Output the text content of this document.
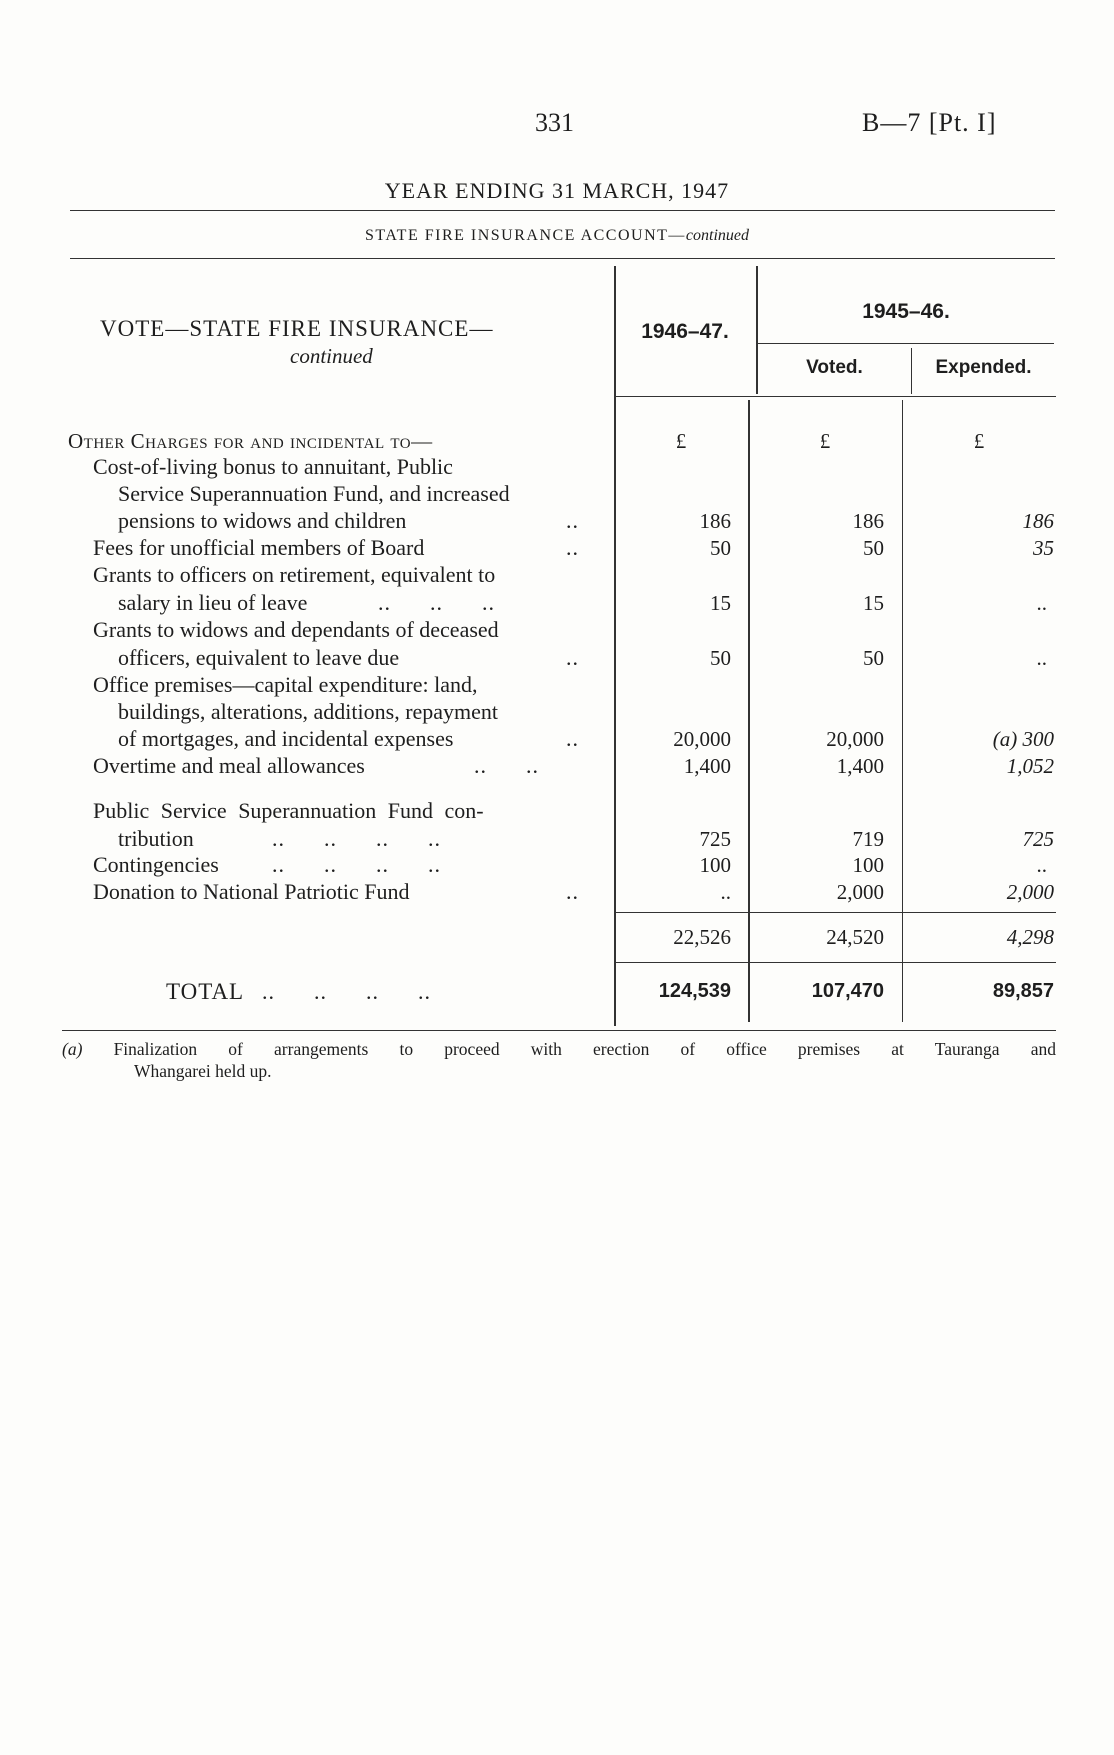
331	B—7 [Pt. I]
YEAR ENDING 31 MARCH, 1947
STATE FIRE INSURANCE ACCOUNT—continued
VOTE—STATE FIRE INSURANCE—
continued
1946–47.
1945–46.
Voted.	Expended.
£	£	£
Other Charges for and incidental to—
Cost-of-living bonus to annuitant, Public
Service Superannuation Fund, and increased
pensions to widows and children	..	186	186	186
Fees for unofficial members of Board	..	50	50	35
Grants to officers on retirement, equivalent to
salary in lieu of leave	..      ..      ..	15	15	..
Grants to widows and dependants of deceased
officers, equivalent to leave due	..	50	50	..
Office premises—capital expenditure: land,
buildings, alterations, additions, repayment
of mortgages, and incidental expenses	..	20,000	20,000	(a) 300
Overtime and meal allowances	..      ..	1,400	1,400	1,052
Public Service Superannuation Fund con-
tribution	..      ..      ..      ..	725	719	725
Contingencies ..      ..      ..      ..	100	100	..
Donation to National Patriotic Fund	..	..	2,000	2,000
22,526	24,520	4,298
TOTAL ..      ..      ..      ..	124,539	107,470	89,857
(a) Finalization of arrangements to proceed with erection of office premises at Tauranga and
Whangarei held up.
